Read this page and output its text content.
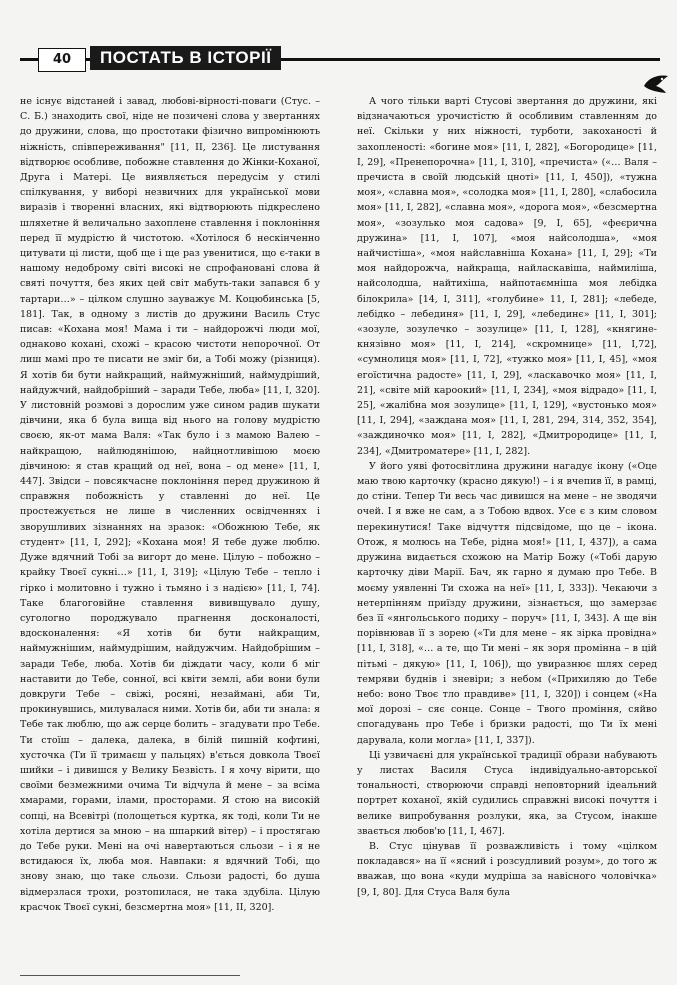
40	ПОСТАТЬ В ІСТОРІЇ

не існує відстаней і завад, любові-вірності-поваги (Стус. – С. Б.) знаходить свої, ніде не позичені слова у звертаннях до дружини, слова, що простотаки фізично випромінюють ніжність, співпереживання" [11, ІІ, 236]. Це листування відтворює особливе, побожне ставлення до Жінки-Коханої, Друга і Матері. Це виявляється передусім у стилі спілкування, у виборі незвичних для української мови виразів і творенні власних, які відтворюють підкреслено шляхетне й величально захоплене ставлення і поклоніння перед її мудрістю й чистотою. «Хотілося б нескінченно цитувати ці листи, щоб ще і ще раз увенитися, що є-таки в нашому недоброму світі високі не спрофановані слова й святі почуття, без яких цей світ мабуть-таки запався б у тартари…» – цілком слушно зауважує М. Коцюбинська [5, 181]. Так, в одному з листів до дружини Василь Стус писав: «Кохана моя! Мама і ти – найдорожчі люди мої, однаково кохані, схожі – красою чистоти непорочної. От лиш мамі про те писати не зміг би, а Тобі можу (різниця). Я хотів би бути найкращий, наймужніший, наймудріший, найдужчий, найдобріший – заради Тебе, люба» [11, І, 320]. У листовній розмові з дорослим уже сином радив шукати дівчини, яка б була вища від нього на голову мудрістю своєю, як-от мама Валя: «Так було і з мамою Валею – найкращою, найлюдянішою, найцнотливішою моєю дівчиною: я став кращий од неї, вона – од мене» [11, І, 447]. Звідси – повсякчасне поклоніння перед дружиною й справжня побожність у ставленні до неї. Це простежується не лише в численних освідченнях і зворушливих зізнаннях на зразок: «Обожнюю Тебе, як студент» [11, І, 292]; «Кохана моя! Я тебе дуже люблю. Дуже вдячний Тобі за вигорт до мене. Цілую – побожно – крайку Твоєї сукні…» [11, І, 319]; «Цілую Тебе – тепло і гірко і молитовно і тужно і тьмяно і з надією» [11, І, 74]. Таке благоговійне ставлення вививщувало душу, сугологно породжувало прагнення досконалості, вдосконалення: «Я хотів би бути найкращим, наймужнішим, наймудрішим, найдужчим. Найдобрішим – заради Тебе, люба. Хотів би діждати часу, коли б міг наставити до Тебе, сонної, всі квіти землі, аби вони були довкруги Тебе – свіжі, росяні, незаймані, аби Ти, прокинувшись, милувалася ними. Хотів би, аби ти знала: я Тебе так люблю, що аж серце болить – згадувати про Тебе. Ти стоїш – далека, далека, в білій пишній кофтині, хусточка (Ти її тримаєш у пальцях) в'ється довкола Твоєї шийки – і дивишся у Велику Безвість. І я хочу вірити, що своїми безмежними очима Ти відчула й мене – за всіма хмарами, горами, ілами, просторами. Я стою на високій сопці, на Всевітрі (полощеться куртка, як тоді, коли Ти не хотіла дертися за мною – на шпаркий вітер) – і простягаю до Тебе руки. Мені на очі навертаються сльози – і я не встидаюся їх, люба моя. Навпаки: я вдячний Тобі, що знову знаю, що таке сльози. Сльози радості, бо душа відмерзлася трохи, розтопилася, не така здубіла. Цілую красчок Твоєї сукні, безсмертна моя» [11, ІІ, 320].

А чого тільки варті Стусові звертання до дружини, які відзначаються урочистістю й особливим ставленням до неї. Скільки у них ніжності, турботи, закоханості й захопленості: «богине моя» [11, І, 282], «Богородице» [11, І, 29], «Пренепорочна» [11, І, 310], «пречиста» («… Валя – пречиста в своїй людській цноті» [11, І, 450]), «тужна моя», «славна моя», «солодка моя» [11, І, 280], «слабосила моя» [11, І, 282], «славна моя», «дорога моя», «безсмертна моя», «зозулько моя садова» [9, І, 65], «феєрична дружина» [11, І, 107], «моя найсолодша», «моя найчистіша», «моя найславніша Кохана» [11, І, 29]; «Ти моя найдорожча, найкраща, найласкавіша, наймиліша, найсолодша, найтихіша, найпотаємніша моя лебідка білокрила» [14, І, 311], «голубине» 11, І, 281]; «лебеде, лебідко – лебединя» [11, І, 29], «лебединє» [11, І, 301]; «зозуле, зозулечко – зозулице» [11, І, 128], «княгине-князівно моя» [11, І, 214], «скромнице» [11, І,72], «сумнолиця моя» [11, І, 72], «тужко моя» [11, І, 45], «моя егоїстична радосте» [11, І, 29], «ласкавочко моя» [11, І, 21], «світе мій кароокий» [11, І, 234], «моя відрадо» [11, І, 25], «жалібна моя зозулице» [11, І, 129], «вустонько моя» [11, І, 294], «заждана моя» [11, І, 281, 294, 314, 352, 354], «заждиночко моя» [11, І, 282], «Дмитрородице» [11, І, 234], «Дмитроматере» [11, І, 282].

У його уяві фотосвітлина дружини нагадує ікону («Оце маю твою карточку (красно дякую!) – і я вчепив її, в рамці, до стіни. Тепер Ти весь час дивишся на мене – не зводячи очей. І я вже не сам, а з Тобою вдвох. Усе є з ким словом перекинутися! Таке відчуття підсвідоме, що це – ікона. Отож, я молюсь на Тебе, рідна моя!» [11, І, 437]), а сама дружина видається схожою на Матір Божу («Тобі дарую карточку діви Марії. Бач, як гарно я думаю про Тебе. В моєму уявленні Ти схожа на неї» [11, І, 333]). Чекаючи з нетерпінням приїзду дружини, зізнається, що замерзає без її «янгольського подиху – поруч» [11, І, 343]. А ще він порівнював її з зорею («Ти для мене – як зірка провідна» [11, І, 318], «… а те, що Ти мені – як зоря промінна – в цій пітьмі – дякую» [11, І, 106]), що увиразнює шлях серед темряви буднів і зневіри; з небом («Прихиляю до Тебе небо: воно Твоє тло правдиве» [11, І, 320]) і сонцем («На мої дорозі – сяє сонце. Сонце – Твого проміння, сяйво спогадувань про Тебе і бризки радості, що Ти їх мені дарувала, коли могла» [11, І, 337]).

Ці узвичаєні для української традиції образи набувають у листах Василя Стуса індивідуально-авторської тональності, створюючи справді неповторний ідеальний портрет коханої, якій судились справжні високі почуття і велике випробування розлуки, яка, за Стусом, інакше звається любов'ю [11, І, 467].

В. Стус цінував її розважливість і тому «цілком покладався» на її «ясний і розсудливий розум», до того ж вважав, що вона «куди мудріша за навісного чоловічка» [9, І, 80]. Для Стуса Валя була
